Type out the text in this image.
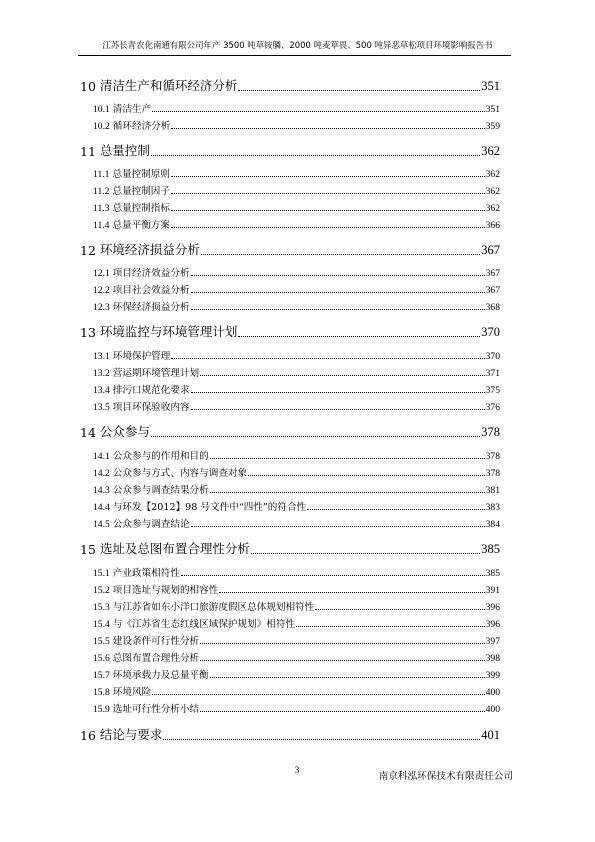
江苏长青农化南通有限公司年产 3500 吨草铵膦、2000 吨麦草畏、500 吨异恶草松项目环境影响报告书
10 清洁生产和循环经济分析	351
10.1 清洁生产	351
10.2 循环经济分析	359
11 总量控制	362
11.1 总量控制原则	362
11.2 总量控制因子	362
11.3 总量控制指标	362
11.4 总量平衡方案	366
12 环境经济损益分析	367
12.1 项目经济效益分析	367
12.2 项目社会效益分析	367
12.3 环保经济损益分析	368
13 环境监控与环境管理计划	370
13.1 环境保护管理	370
13.2 营运期环境管理计划	371
13.4 排污口规范化要求	375
13.5 项目环保验收内容	376
14 公众参与	378
14.1 公众参与的作用和目的	378
14.2 公众参与方式、内容与调查对象	378
14.3 公众参与调查结果分析	381
14.4 与环发【2012】98 号文件中“四性”的符合性	383
14.5 公众参与调查结论	384
15 选址及总图布置合理性分析	385
15.1 产业政策相符性	385
15.2 项目选址与规划的相容性	391
15.3 与江苏省如东小洋口旅游度假区总体规划相符性	396
15.4 与《江苏省生态红线区域保护规划》相符性	396
15.5 建设条件可行性分析	397
15.6 总图布置合理性分析	398
15.7 环境承载力及总量平衡	399
15.8 环境风险	400
15.9 选址可行性分析小结	400
16 结论与要求	401
3	南京科泓环保技术有限责任公司
